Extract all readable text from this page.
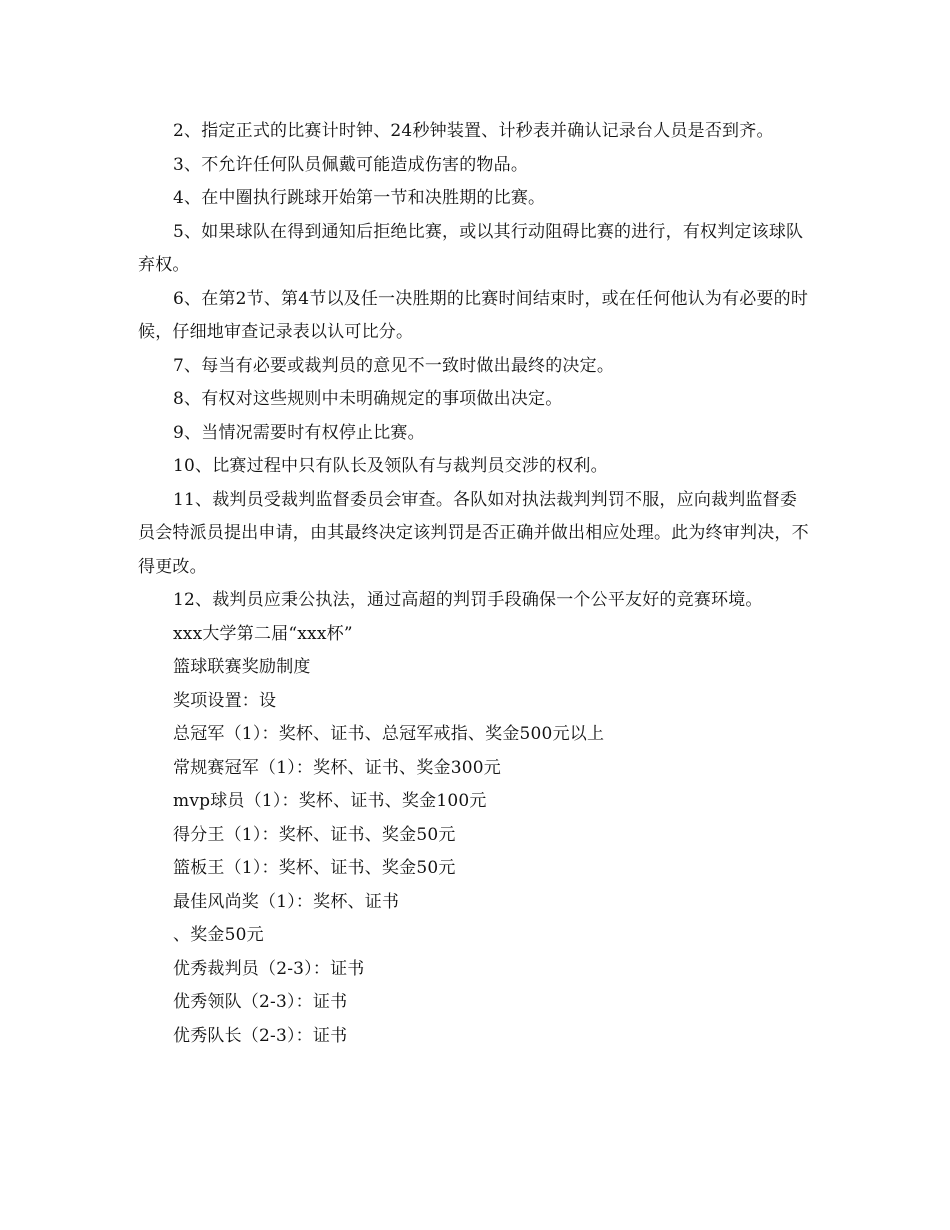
2、指定正式的比赛计时钟、24秒钟装置、计秒表并确认记录台人员是否到齐。

3、不允许任何队员佩戴可能造成伤害的物品。

4、在中圈执行跳球开始第一节和决胜期的比赛。

5、如果球队在得到通知后拒绝比赛，或以其行动阻碍比赛的进行，有权判定该球队弃权。

6、在第2节、第4节以及任一决胜期的比赛时间结束时，或在任何他认为有必要的时候，仔细地审查记录表以认可比分。

7、每当有必要或裁判员的意见不一致时做出最终的决定。

8、有权对这些规则中未明确规定的事项做出决定。

9、当情况需要时有权停止比赛。

10、比赛过程中只有队长及领队有与裁判员交涉的权利。

11、裁判员受裁判监督委员会审查。各队如对执法裁判判罚不服，应向裁判监督委员会特派员提出申请，由其最终决定该判罚是否正确并做出相应处理。此为终审判决，不得更改。

12、裁判员应秉公执法，通过高超的判罚手段确保一个公平友好的竞赛环境。

xxx大学第二届“xxx杯”

篮球联赛奖励制度

奖项设置：设

总冠军（1）：奖杯、证书、总冠军戒指、奖金500元以上

常规赛冠军（1）：奖杯、证书、奖金300元

mvp球员（1）：奖杯、证书、奖金100元

得分王（1）：奖杯、证书、奖金50元

篮板王（1）：奖杯、证书、奖金50元

最佳风尚奖（1）：奖杯、证书

、奖金50元

优秀裁判员（2-3）：证书

优秀领队（2-3）：证书

优秀队长（2-3）：证书
